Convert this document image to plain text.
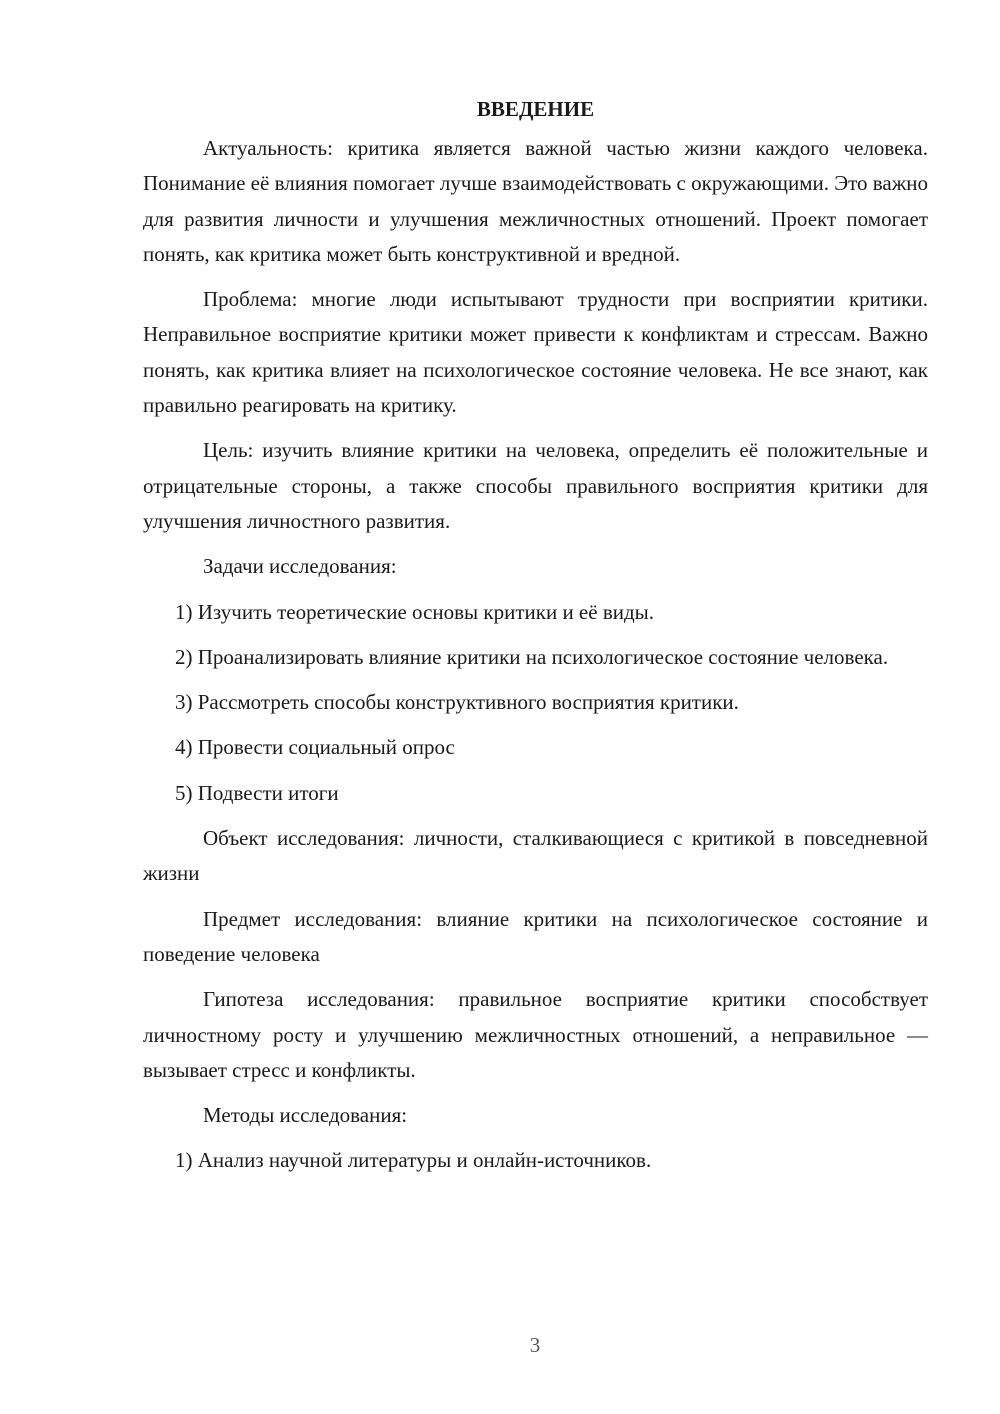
ВВЕДЕНИЕ

Актуальность: критика является важной частью жизни каждого человека. Понимание её влияния помогает лучше взаимодействовать с окружающими. Это важно для развития личности и улучшения межличностных отношений. Проект помогает понять, как критика может быть конструктивной и вредной.

Проблема: многие люди испытывают трудности при восприятии критики. Неправильное восприятие критики может привести к конфликтам и стрессам. Важно понять, как критика влияет на психологическое состояние человека. Не все знают, как правильно реагировать на критику.

Цель: изучить влияние критики на человека, определить её положительные и отрицательные стороны, а также способы правильного восприятия критики для улучшения личностного развития.

Задачи исследования:

1) Изучить теоретические основы критики и её виды.

2) Проанализировать влияние критики на психологическое состояние человека.

3) Рассмотреть способы конструктивного восприятия критики.

4) Провести социальный опрос

5) Подвести итоги

Объект исследования: личности, сталкивающиеся с критикой в повседневной жизни

Предмет исследования: влияние критики на психологическое состояние и поведение человека

Гипотеза исследования: правильное восприятие критики способствует личностному росту и улучшению межличностных отношений, а неправильное — вызывает стресс и конфликты.

Методы исследования:

1) Анализ научной литературы и онлайн-источников.

3
